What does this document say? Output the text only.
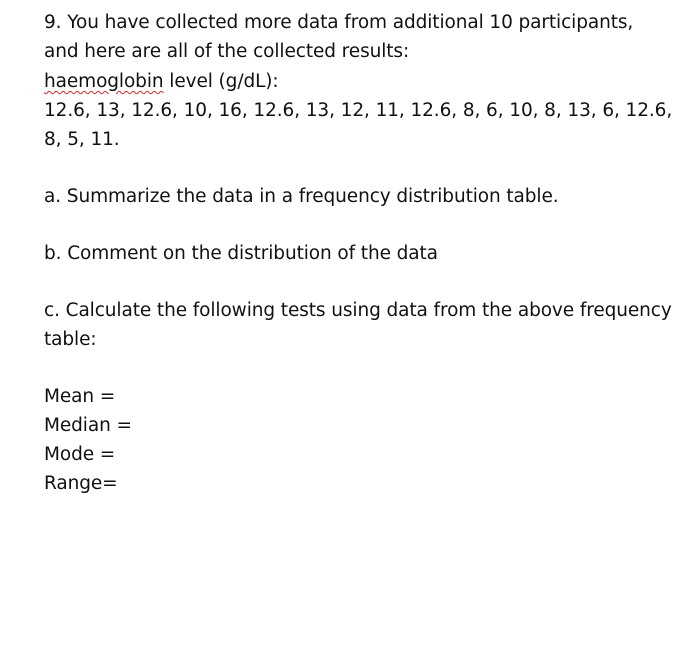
9. You have collected more data from additional 10 participants,
and here are all of the collected results:
haemoglobin level (g/dL):
12.6, 13, 12.6, 10, 16, 12.6, 13, 12, 11, 12.6, 8, 6, 10, 8, 13, 6, 12.6,
8, 5, 11.
a. Summarize the data in a frequency distribution table.
b. Comment on the distribution of the data
c. Calculate the following tests using data from the above frequency
table:
Mean =
Median =
Mode =
Range=
